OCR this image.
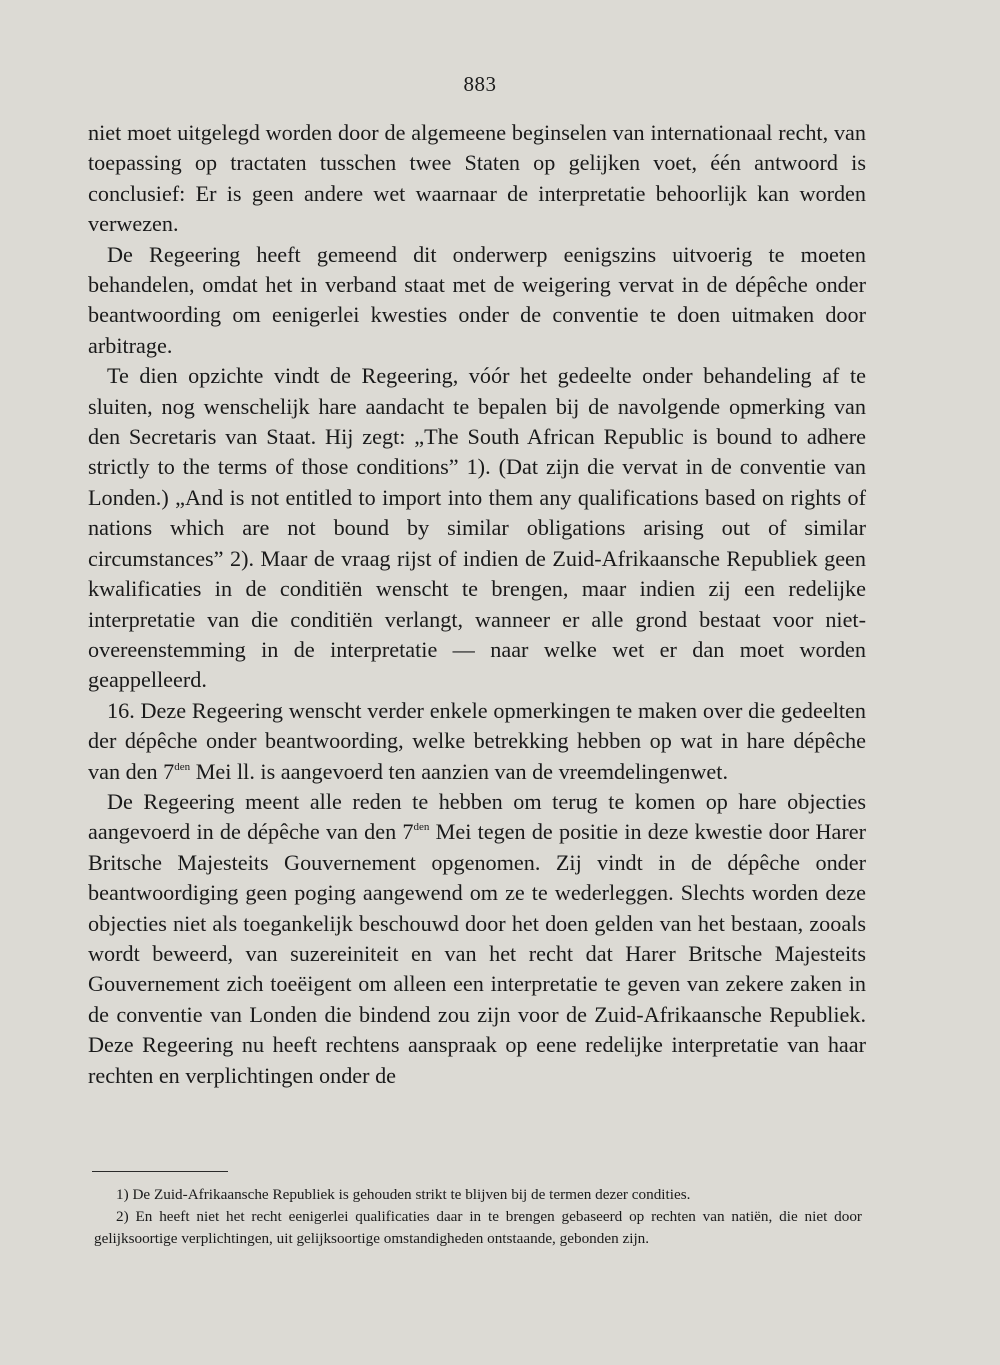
883

niet moet uitgelegd worden door de algemeene beginselen van internationaal recht, van toepassing op tractaten tusschen twee Staten op gelijken voet, één antwoord is conclusief: Er is geen andere wet waarnaar de interpretatie behoorlijk kan worden verwezen.

De Regeering heeft gemeend dit onderwerp eenigszins uitvoerig te moeten behandelen, omdat het in verband staat met de weigering vervat in de dépêche onder beantwoording om eenigerlei kwesties onder de conventie te doen uitmaken door arbitrage.

Te dien opzichte vindt de Regeering, vóór het gedeelte onder behandeling af te sluiten, nog wenschelijk hare aandacht te bepalen bij de navolgende opmerking van den Secretaris van Staat. Hij zegt: „The South African Republic is bound to adhere strictly to the terms of those conditions” 1). (Dat zijn die vervat in de conventie van Londen.) „And is not entitled to import into them any qualifications based on rights of nations which are not bound by similar obligations arising out of similar circumstances” 2). Maar de vraag rijst of indien de Zuid-Afrikaansche Republiek geen kwalificaties in de conditiën wenscht te brengen, maar indien zij een redelijke interpretatie van die conditiën verlangt, wanneer er alle grond bestaat voor niet-overeenstemming in de interpretatie — naar welke wet er dan moet worden geappelleerd.

16. Deze Regeering wenscht verder enkele opmerkingen te maken over die gedeelten der dépêche onder beantwoording, welke betrekking hebben op wat in hare dépêche van den $7^{den}$ Mei ll. is aangevoerd ten aanzien van de vreemdelingenwet.

De Regeering meent alle reden te hebben om terug te komen op hare objecties aangevoerd in de dépêche van den $7^{den}$ Mei tegen de positie in deze kwestie door Harer Britsche Majesteits Gouvernement opgenomen. Zij vindt in de dépêche onder beantwoordiging geen poging aangewend om ze te wederleggen. Slechts worden deze objecties niet als toegankelijk beschouwd door het doen gelden van het bestaan, zooals wordt beweerd, van suzereiniteit en van het recht dat Harer Britsche Majesteits Gouvernement zich toeëigent om alleen een interpretatie te geven van zekere zaken in de conventie van Londen die bindend zou zijn voor de Zuid-Afrikaansche Republiek. Deze Regeering nu heeft rechtens aanspraak op eene redelijke interpretatie van haar rechten en verplichtingen onder de

1) De Zuid-Afrikaansche Republiek is gehouden strikt te blijven bij de termen dezer condities.

2) En heeft niet het recht eenigerlei qualificaties daar in te brengen gebaseerd op rechten van natiën, die niet door gelijksoortige verplichtingen, uit gelijksoortige omstandigheden ontstaande, gebonden zijn.
